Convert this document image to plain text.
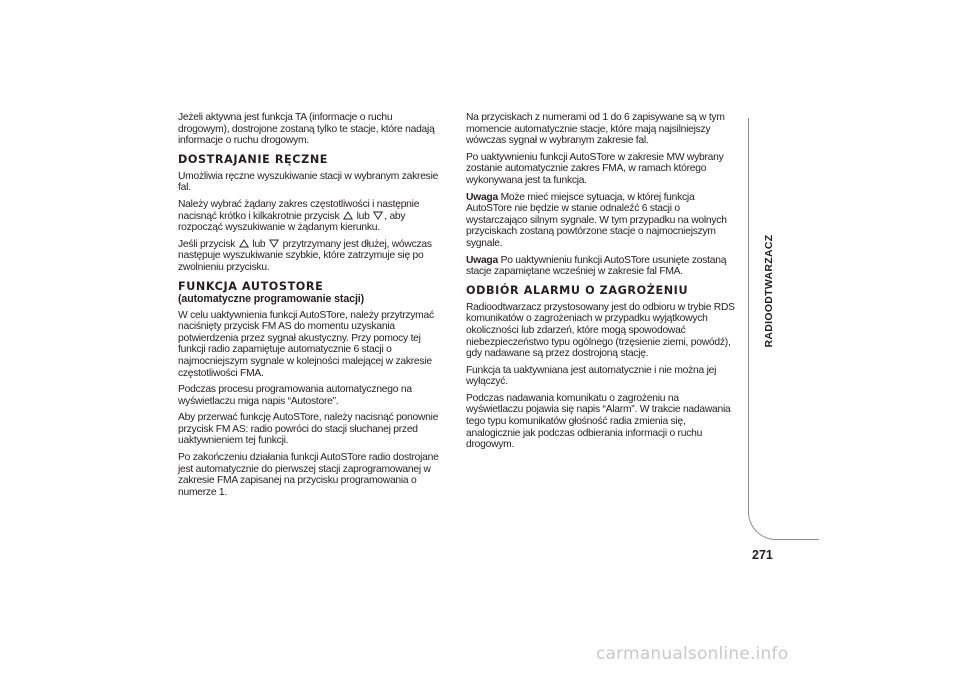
Jeżeli aktywna jest funkcja TA (informacje o ruchu drogowym), dostrojone zostaną tylko te stacje, które nadają informacje o ruchu drogowym.

DOSTRAJANIE RĘCZNE

Umożliwia ręczne wyszukiwanie stacji w wybranym zakresie fal.

Należy wybrać żądany zakres częstotliwości i następnie nacisnąć krótko i kilkakrotnie przycisk lub , aby rozpocząć wyszukiwanie w żądanym kierunku.

Jeśli przycisk lub przytrzymany jest dłużej, wówczas następuje wyszukiwanie szybkie, które zatrzymuje się po zwolnieniu przycisku.

FUNKCJA AUTOSTORE
(automatyczne programowanie stacji)

W celu uaktywnienia funkcji AutoSTore, należy przytrzymać naciśnięty przycisk FM AS do momentu uzyskania potwierdzenia przez sygnał akustyczny. Przy pomocy tej funkcji radio zapamiętuje automatycznie 6 stacji o najmocniejszym sygnale w kolejności malejącej w zakresie częstotliwości FMA.

Podczas procesu programowania automatycznego na wyświetlaczu miga napis “Autostore”.

Aby przerwać funkcję AutoSTore, należy nacisnąć ponownie przycisk FM AS: radio powróci do stacji słuchanej przed uaktywnieniem tej funkcji.

Po zakończeniu działania funkcji AutoSTore radio dostrojane jest automatycznie do pierwszej stacji zaprogramowanej w zakresie FMA zapisanej na przycisku programowania o numerze 1.

Na przyciskach z numerami od 1 do 6 zapisywane są w tym momencie automatycznie stacje, które mają najsilniejszy wówczas sygnał w wybranym zakresie fal.

Po uaktywnieniu funkcji AutoSTore w zakresie MW wybrany zostanie automatycznie zakres FMA, w ramach którego wykonywana jest ta funkcja.

Uwaga Może mieć miejsce sytuacja, w której funkcja AutoSTore nie będzie w stanie odnaleźć 6 stacji o wystarczająco silnym sygnale. W tym przypadku na wolnych przyciskach zostaną powtórzone stacje o najmocniejszym sygnale.

Uwaga Po uaktywnieniu funkcji AutoSTore usunięte zostaną stacje zapamiętane wcześniej w zakresie fal FMA.

ODBIÓR ALARMU O ZAGROŻENIU

Radioodtwarzacz przystosowany jest do odbioru w trybie RDS komunikatów o zagrożeniach w przypadku wyjątkowych okoliczności lub zdarzeń, które mogą spowodować niebezpieczeństwo typu ogólnego (trzęsienie ziemi, powódź), gdy nadawane są przez dostrojoną stację.

Funkcja ta uaktywniana jest automatycznie i nie można jej wyłączyć.

Podczas nadawania komunikatu o zagrożeniu na wyświetlaczu pojawia się napis “Alarm”. W trakcie nadawania tego typu komunikatów głośność radia zmienia się, analogicznie jak podczas odbierania informacji o ruchu drogowym.

RADIOODTWARZACZ
271
carmanualsonline.info
